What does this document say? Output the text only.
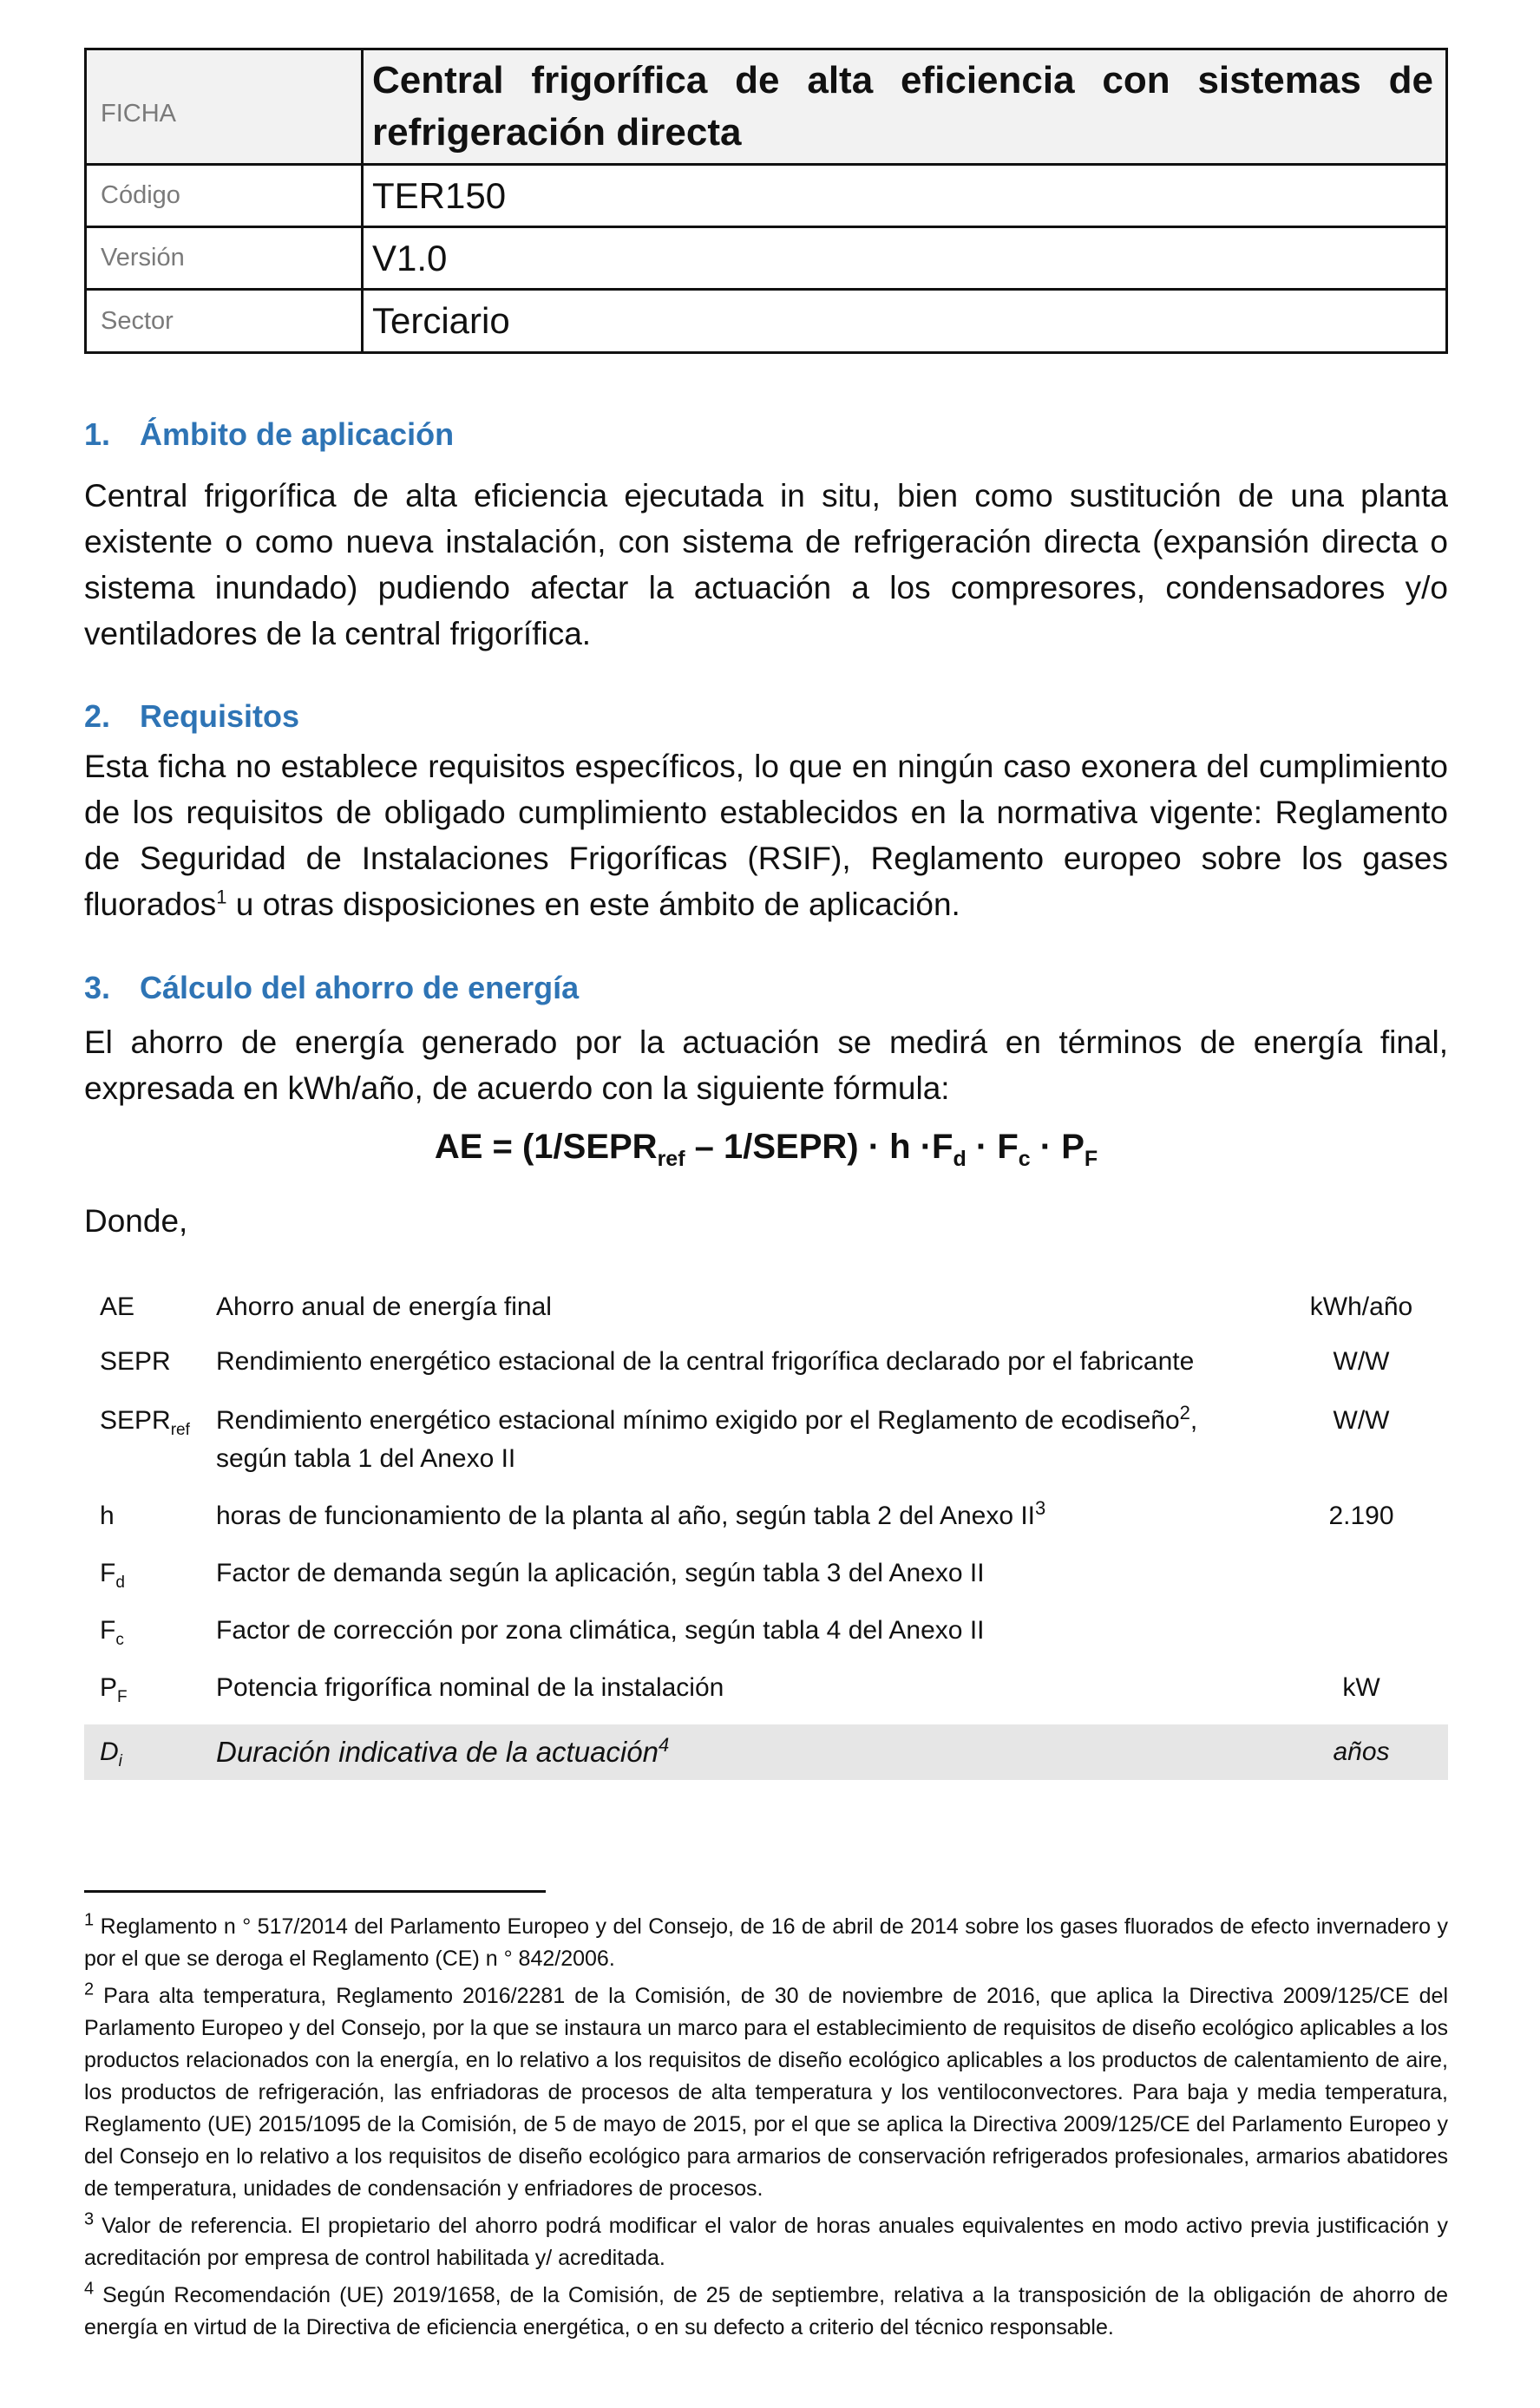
FICHA	Central frigorífica de alta eficiencia con sistemas de refrigeración directa
Código	TER150
Versión	V1.0
Sector	Terciario
1. Ámbito de aplicación

Central frigorífica de alta eficiencia ejecutada in situ, bien como sustitución de una planta existente o como nueva instalación, con sistema de refrigeración directa (expansión directa o sistema inundado) pudiendo afectar la actuación a los compresores, condensadores y/o ventiladores de la central frigorífica.

2. Requisitos

Esta ficha no establece requisitos específicos, lo que en ningún caso exonera del cumplimiento de los requisitos de obligado cumplimiento establecidos en la normativa vigente: Reglamento de Seguridad de Instalaciones Frigoríficas (RSIF), Reglamento europeo sobre los gases fluorados$^1$ u otras disposiciones en este ámbito de aplicación.

3. Cálculo del ahorro de energía

El ahorro de energía generado por la actuación se medirá en términos de energía final, expresada en kWh/año, de acuerdo con la siguiente fórmula:

AE = ($1/SEPR_{ref}$ – 1/SEPR) · $h \cdot F_d \cdot F_c \cdot P_F$
Donde,
AE	Ahorro anual de energía final	kWh/año
SEPR	Rendimiento energético estacional de la central frigorífica declarado por el fabricante	W/W
$SEPR_{ref}$	Rendimiento energético estacional mínimo exigido por el Reglamento de ecodiseño$^2$, según tabla 1 del Anexo II	W/W
h	horas de funcionamiento de la planta al año, según tabla 2 del Anexo $II^3$	2.190
$F_d$	Factor de demanda según la aplicación, según tabla 3 del Anexo II	
$F_c$	Factor de corrección por zona climática, según tabla 4 del Anexo II	
$P_F$	Potencia frigorífica nominal de la instalación	kW
$D_i$	Duración indicativa de la actuación$^4$	años

$^1$ Reglamento n ° 517/2014 del Parlamento Europeo y del Consejo, de 16 de abril de 2014 sobre los gases fluorados de efecto invernadero y por el que se deroga el Reglamento (CE) n ° 842/2006.

$^2$ Para alta temperatura, Reglamento 2016/2281 de la Comisión, de 30 de noviembre de 2016, que aplica la Directiva 2009/125/CE del Parlamento Europeo y del Consejo, por la que se instaura un marco para el establecimiento de requisitos de diseño ecológico aplicables a los productos relacionados con la energía, en lo relativo a los requisitos de diseño ecológico aplicables a los productos de calentamiento de aire, los productos de refrigeración, las enfriadoras de procesos de alta temperatura y los ventiloconvectores. Para baja y media temperatura, Reglamento (UE) 2015/1095 de la Comisión, de 5 de mayo de 2015, por el que se aplica la Directiva 2009/125/CE del Parlamento Europeo y del Consejo en lo relativo a los requisitos de diseño ecológico para armarios de conservación refrigerados profesionales, armarios abatidores de temperatura, unidades de condensación y enfriadores de procesos.

$^3$ Valor de referencia. El propietario del ahorro podrá modificar el valor de horas anuales equivalentes en modo activo previa justificación y acreditación por empresa de control habilitada y/ acreditada.

$^4$ Según Recomendación (UE) 2019/1658, de la Comisión, de 25 de septiembre, relativa a la transposición de la obligación de ahorro de energía en virtud de la Directiva de eficiencia energética, o en su defecto a criterio del técnico responsable.
